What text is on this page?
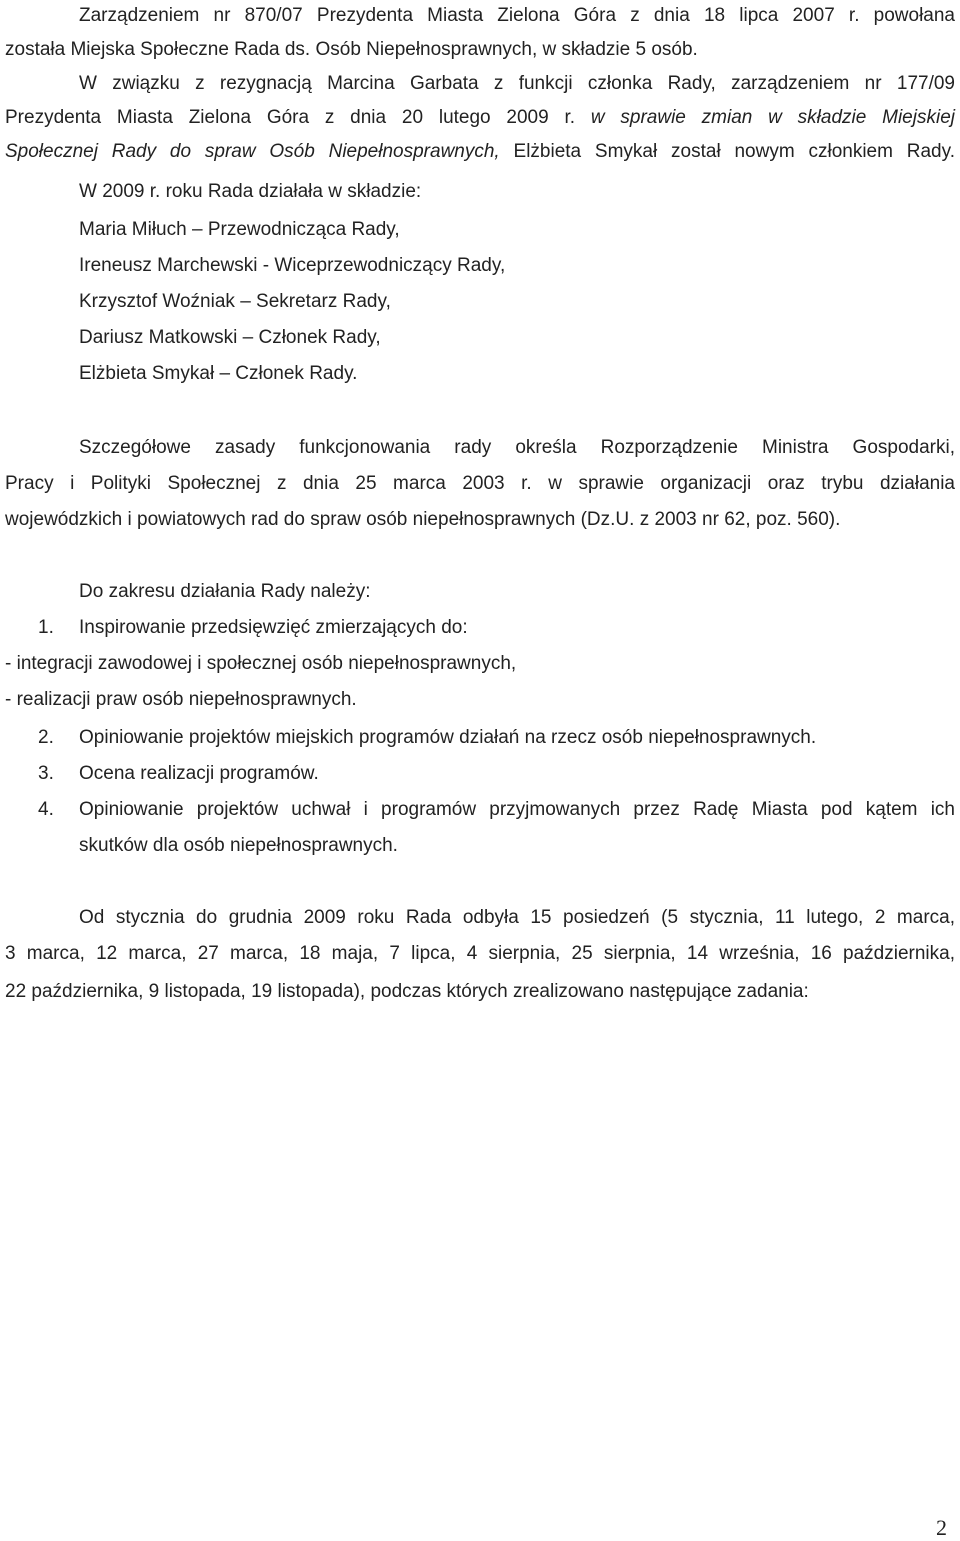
Zarządzeniem nr 870/07 Prezydenta Miasta Zielona Góra z dnia 18 lipca 2007 r. powołana
została Miejska Społeczne Rada ds. Osób Niepełnosprawnych, w składzie 5 osób.
W związku z rezygnacją Marcina Garbata z funkcji członka Rady, zarządzeniem nr 177/09
Prezydenta Miasta Zielona Góra z dnia 20 lutego 2009 r. w sprawie zmian w składzie Miejskiej
Społecznej Rady do spraw Osób Niepełnosprawnych, Elżbieta Smykał został nowym członkiem Rady.
W 2009 r. roku Rada działała w składzie:
Maria Miłuch – Przewodnicząca Rady,
Ireneusz Marchewski - Wiceprzewodniczący Rady,
Krzysztof Woźniak – Sekretarz Rady,
Dariusz Matkowski – Członek Rady,
Elżbieta Smykał – Członek Rady.
Szczegółowe zasady funkcjonowania rady określa Rozporządzenie Ministra Gospodarki,
Pracy i Polityki Społecznej z dnia 25 marca 2003 r. w sprawie organizacji oraz trybu działania
wojewódzkich i powiatowych rad do spraw osób niepełnosprawnych (Dz.U. z 2003 nr 62, poz. 560).
Do zakresu działania Rady należy:
1. Inspirowanie przedsięwzięć zmierzających do:
- integracji zawodowej i społecznej osób niepełnosprawnych,
- realizacji praw osób niepełnosprawnych.
2. Opiniowanie projektów miejskich programów działań na rzecz osób niepełnosprawnych.
3. Ocena realizacji programów.
4. Opiniowanie projektów uchwał i programów przyjmowanych przez Radę Miasta pod kątem ich
skutków dla osób niepełnosprawnych.
Od stycznia do grudnia 2009 roku Rada odbyła 15 posiedzeń (5 stycznia, 11 lutego, 2 marca,
3 marca, 12 marca, 27 marca, 18 maja, 7 lipca, 4 sierpnia, 25 sierpnia, 14 września, 16 października,
22 października, 9 listopada, 19 listopada), podczas których zrealizowano następujące zadania:
2
